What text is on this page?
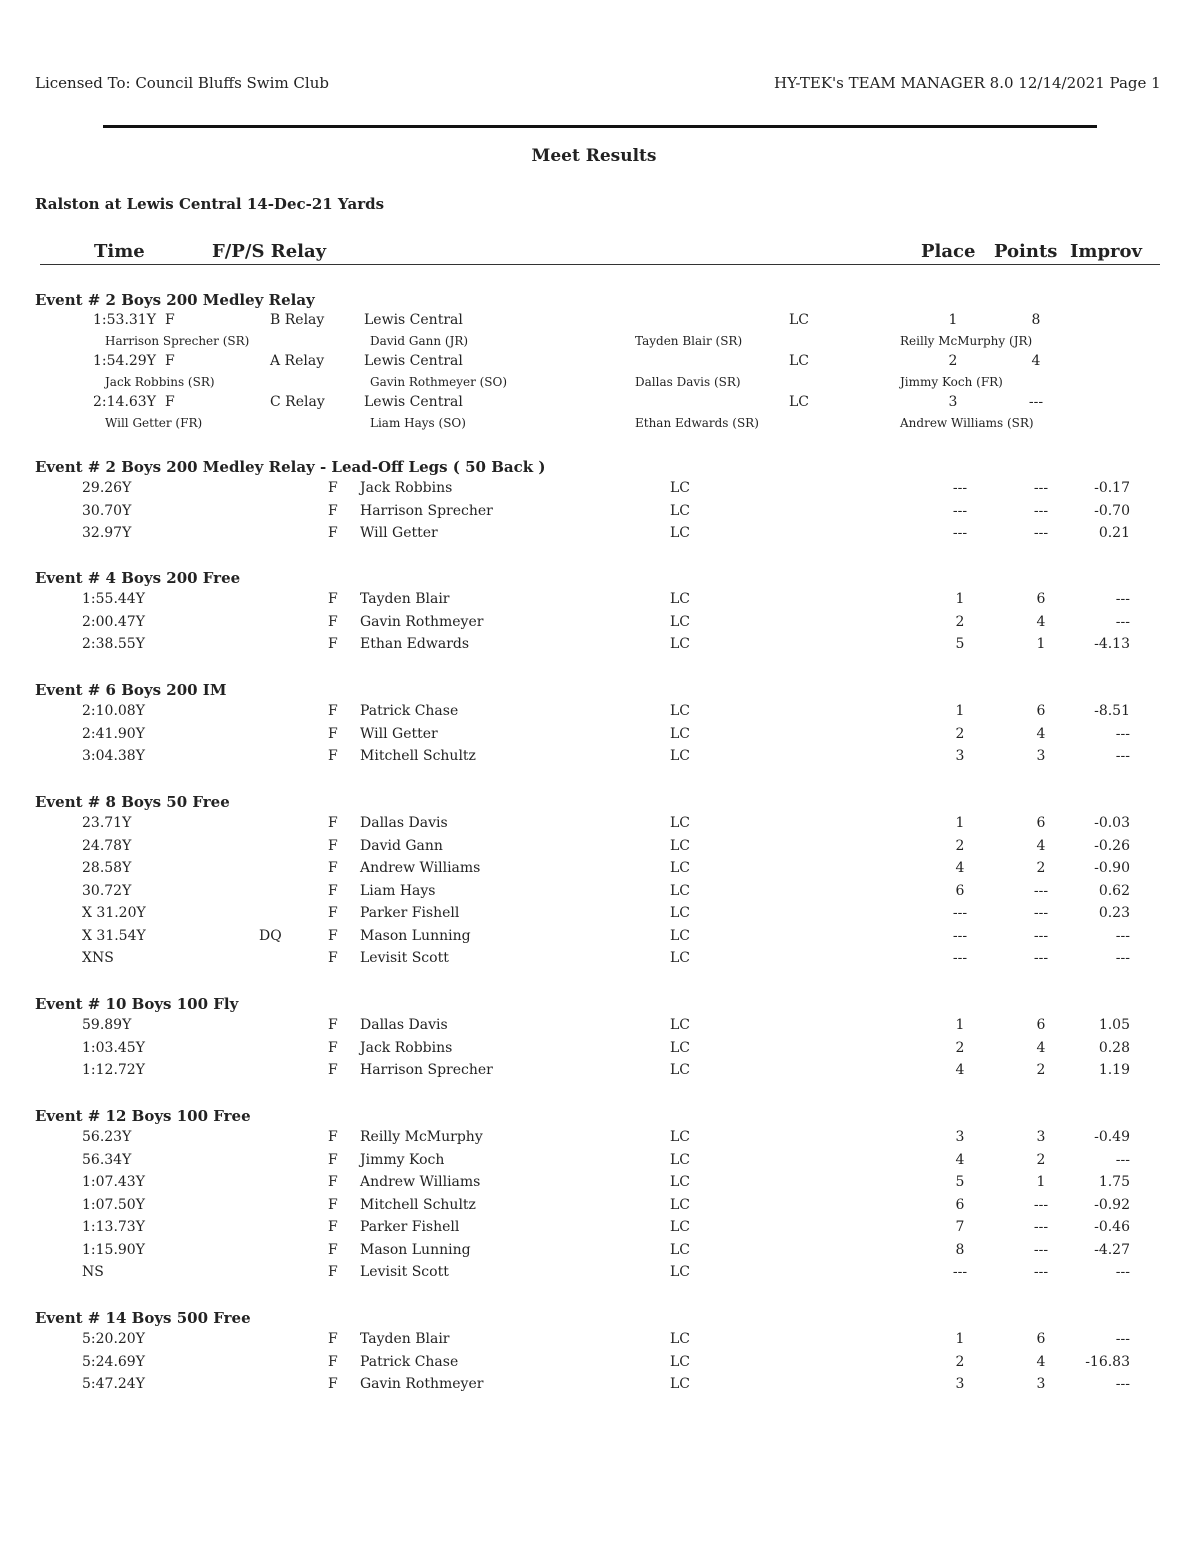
Licensed To: Council Bluffs Swim Club	HY-TEK's TEAM MANAGER 8.0 12/14/2021 Page 1
Meet Results
Ralston at Lewis Central 14-Dec-21 Yards
Time	F/P/S Relay	Place Points Improv
Event # 2 Boys 200 Medley Relay
1:53.31Y F	B Relay	Lewis Central	LC	1	8
Harrison Sprecher (SR)	David Gann (JR)	Tayden Blair (SR)	Reilly McMurphy (JR)
1:54.29Y F	A Relay	Lewis Central	LC	2	4
Jack Robbins (SR)	Gavin Rothmeyer (SO)	Dallas Davis (SR)	Jimmy Koch (FR)
2:14.63Y F	C Relay	Lewis Central	LC	3	---
Will Getter (FR)	Liam Hays (SO)	Ethan Edwards (SR)	Andrew Williams (SR)
Event # 2 Boys 200 Medley Relay - Lead-Off Legs ( 50 Back )
29.26Y	F Jack Robbins	LC	---	---	-0.17
30.70Y	F Harrison Sprecher	LC	---	---	-0.70
32.97Y	F Will Getter	LC	---	---	0.21
Event # 4 Boys 200 Free
1:55.44Y	F Tayden Blair	LC	1	6	---
2:00.47Y	F Gavin Rothmeyer	LC	2	4	---
2:38.55Y	F Ethan Edwards	LC	5	1	-4.13
Event # 6 Boys 200 IM
2:10.08Y	F Patrick Chase	LC	1	6	-8.51
2:41.90Y	F Will Getter	LC	2	4	---
3:04.38Y	F Mitchell Schultz	LC	3	3	---
Event # 8 Boys 50 Free
23.71Y	F Dallas Davis	LC	1	6	-0.03
24.78Y	F David Gann	LC	2	4	-0.26
28.58Y	F Andrew Williams	LC	4	2	-0.90
30.72Y	F Liam Hays	LC	6	---	0.62
X 31.20Y	F Parker Fishell	LC	---	---	0.23
X 31.54Y	DQ	F Mason Lunning	LC	---	---	---
XNS	F Levisit Scott	LC	---	---	---
Event # 10 Boys 100 Fly
59.89Y	F Dallas Davis	LC	1	6	1.05
1:03.45Y	F Jack Robbins	LC	2	4	0.28
1:12.72Y	F Harrison Sprecher	LC	4	2	1.19
Event # 12 Boys 100 Free
56.23Y	F Reilly McMurphy	LC	3	3	-0.49
56.34Y	F Jimmy Koch	LC	4	2	---
1:07.43Y	F Andrew Williams	LC	5	1	1.75
1:07.50Y	F Mitchell Schultz	LC	6	---	-0.92
1:13.73Y	F Parker Fishell	LC	7	---	-0.46
1:15.90Y	F Mason Lunning	LC	8	---	-4.27
NS	F Levisit Scott	LC	---	---	---
Event # 14 Boys 500 Free
5:20.20Y	F Tayden Blair	LC	1	6	---
5:24.69Y	F Patrick Chase	LC	2	4	-16.83
5:47.24Y	F Gavin Rothmeyer	LC	3	3	---
